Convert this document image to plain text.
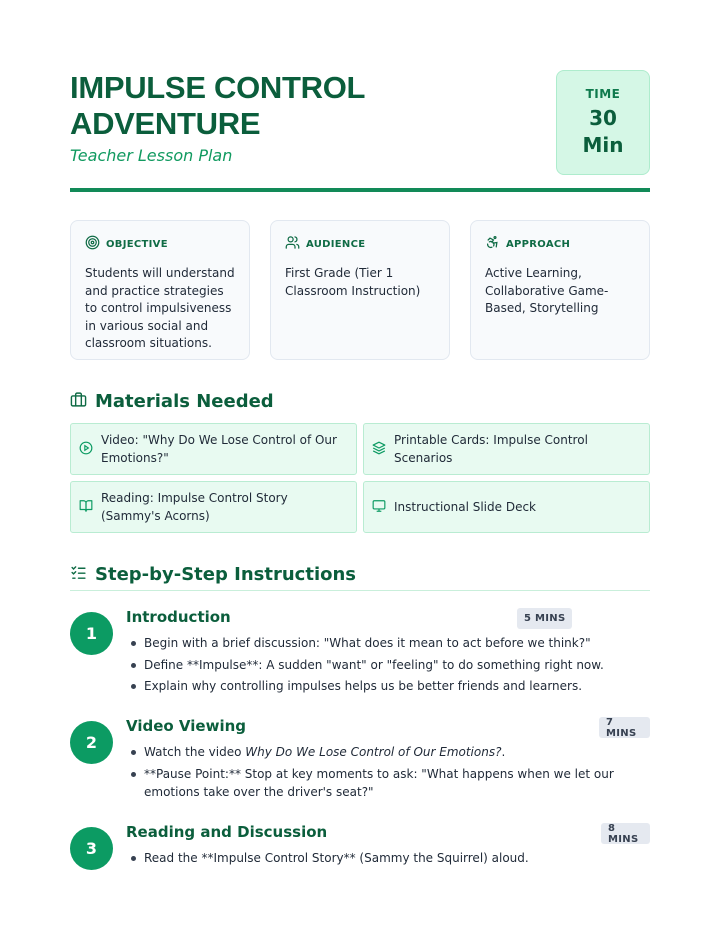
IMPULSE CONTROL
ADVENTURE
Teacher Lesson Plan
TIME
30
Min
OBJECTIVE
Students will understand and practice strategies to control impulsiveness in various social and classroom situations.
AUDIENCE
First Grade (Tier 1 Classroom Instruction)
APPROACH
Active Learning, Collaborative Game-Based, Storytelling
Materials Needed
Video: "Why Do We Lose Control of Our Emotions?"
Printable Cards: Impulse Control Scenarios
Reading: Impulse Control Story (Sammy's Acorns)
Instructional Slide Deck
Step-by-Step Instructions
1
Introduction	5 MINS
Begin with a brief discussion: "What does it mean to act before we think?"
Define **Impulse**: A sudden "want" or "feeling" to do something right now.
Explain why controlling impulses helps us be better friends and learners.
2
Video Viewing	7 MINS
Watch the video Why Do We Lose Control of Our Emotions?.
**Pause Point:** Stop at key moments to ask: "What happens when we let our emotions take over the driver's seat?"
3
Reading and Discussion	8 MINS
Read the **Impulse Control Story** (Sammy the Squirrel) aloud.
